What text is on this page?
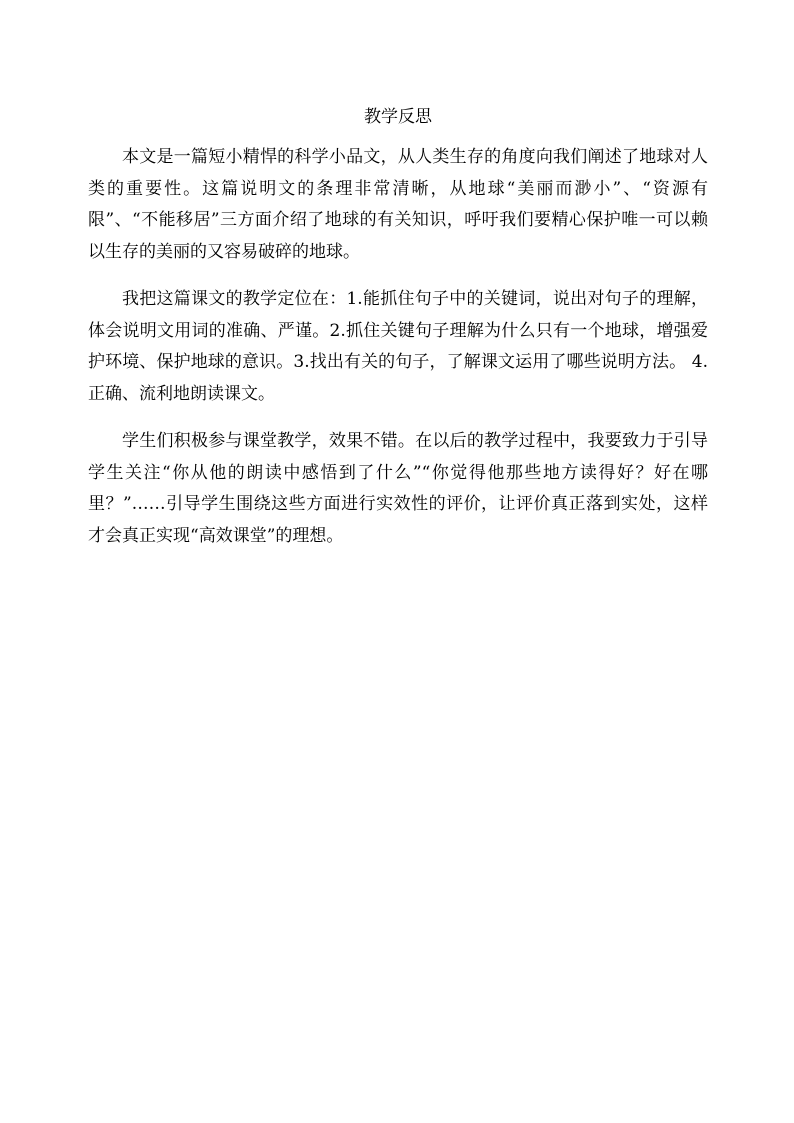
教学反思

本文是一篇短小精悍的科学小品文，从人类生存的角度向我们阐述了地球对人类的重要性。这篇说明文的条理非常清晰，从地球“美丽而渺小”、“资源有限”、“不能移居”三方面介绍了地球的有关知识，呼吁我们要精心保护唯一可以赖以生存的美丽的又容易破碎的地球。

我把这篇课文的教学定位在：1.能抓住句子中的关键词，说出对句子的理解，体会说明文用词的准确、严谨。2.抓住关键句子理解为什么只有一个地球，增强爱护环境、保护地球的意识。3.找出有关的句子，了解课文运用了哪些说明方法。 4.正确、流利地朗读课文。

学生们积极参与课堂教学，效果不错。在以后的教学过程中，我要致力于引导学生关注“你从他的朗读中感悟到了什么”“你觉得他那些地方读得好？好在哪里？”……引导学生围绕这些方面进行实效性的评价，让评价真正落到实处，这样才会真正实现“高效课堂”的理想。
